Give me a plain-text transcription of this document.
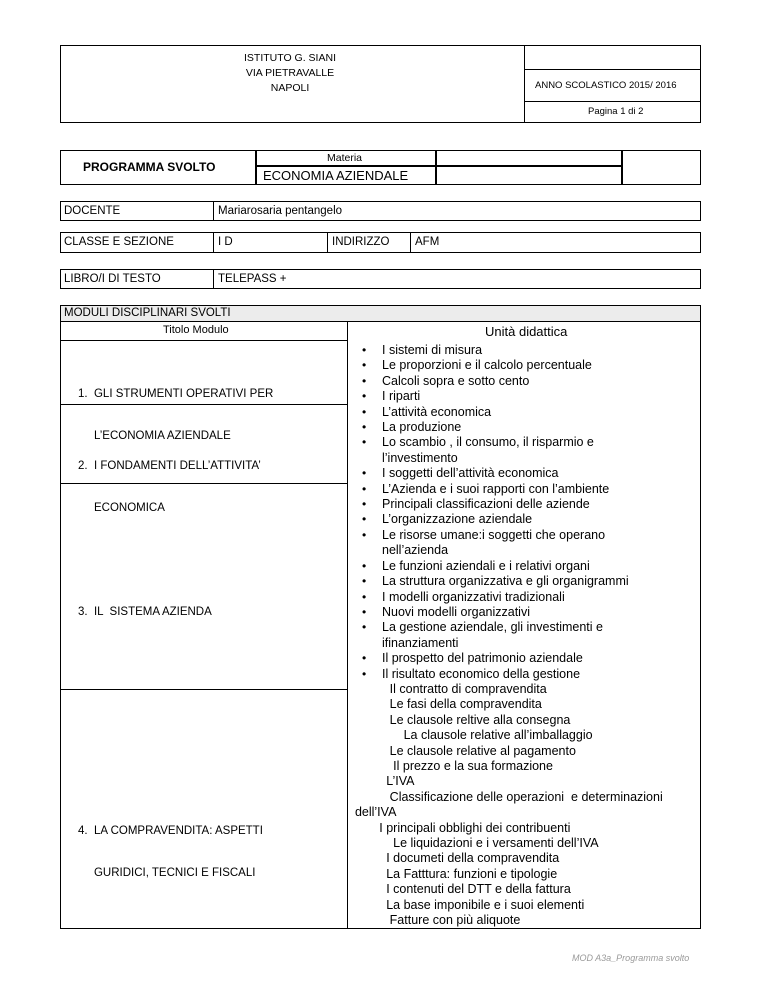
ISTITUTO G. SIANI
VIA PIETRAVALLE
NAPOLI	ANNO SCOLASTICO 2015/ 2016
Pagina 1 di 2
PROGRAMMA SVOLTO
Materia
ECONOMIA AZIENDALE
DOCENTE	Mariarosaria pentangelo
CLASSE E SEZIONE	I D	INDIRIZZO AFM
LIBRO/I DI TESTO	TELEPASS +
MODULI DISCIPLINARI SVOLTI
Titolo Modulo	Unità didattica

1.  GLI STRUMENTI OPERATIVI PER

L’ECONOMIA AZIENDALE

2.  I FONDAMENTI DELL’ATTIVITA’

ECONOMICA

3.  IL  SISTEMA AZIENDA

4.  LA COMPRAVENDITA: ASPETTI

GURIDICI, TECNICI E FISCALI

• I sistemi di misura
• Le proporzioni e il calcolo percentuale
• Calcoli sopra e sotto cento
• I riparti
• L’attività economica
• La produzione
• Lo scambio , il consumo, il risparmio e
l’investimento
• I soggetti dell’attività economica
• L’Azienda e i suoi rapporti con l’ambiente
• Principali classificazioni delle aziende
• L’organizzazione aziendale
• Le risorse umane:i soggetti che operano
nell’azienda
• Le funzioni aziendali e i relativi organi
• La struttura organizzativa e gli organigrammi
• I modelli organizzativi tradizionali
• Nuovi modelli organizzativi
• La gestione aziendale, gli investimenti e
ifinanziamenti
• Il prospetto del patrimonio aziendale
• Il risultato economico della gestione
Il contratto di compravendita
Le fasi della compravendita
Le clausole reltive alla consegna
La clausole relative all’imballaggio
Le clausole relative al pagamento
Il prezzo e la sua formazione
L’IVA
Classificazione delle operazioni  e determinazioni
dell’IVA
I principali obblighi dei contribuenti
Le liquidazioni e i versamenti dell’IVA
I documeti della compravendita
La Fatttura: funzioni e tipologie
I contenuti del DTT e della fattura
La base imponibile e i suoi elementi
Fatture con più aliquote
MOD A3a_Programma svolto
